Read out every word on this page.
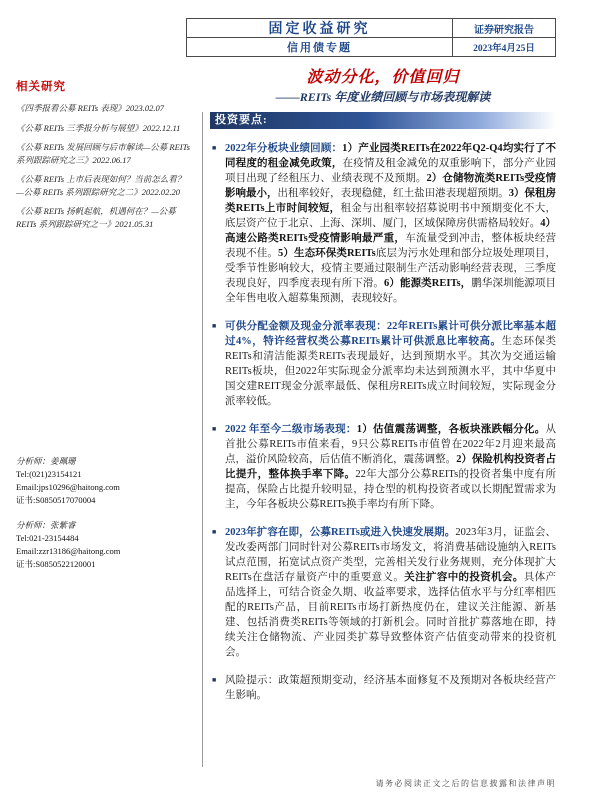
固定收益研究	证券研究报告
信用债专题	2023年4月25日
波动分化，价值回归
——REITs 年度业绩回顾与市场表现解读
相关研究
《四季报看公募 REITs 表现》2023.02.07
《公募 REITs 三季报分析与展望》2022.12.11
《公募 REITs 发展回顾与后市解读—公募 REITs 系列跟踪研究之三》2022.06.17
《公募 REITs 上市后表现如何？当前怎么看？—公募 REITs 系列跟踪研究之二》2022.02.20
《公募 REITs 扬帆起航，机遇何在？—公募 REITs 系列跟踪研究之一》2021.05.31
分析师：姜珮珊
Tel:(021)23154121
Email:jps10296@haitong.com
证书:S0850517070004
分析师：张紫睿
Tel:021-23154484
Email:zzr13186@haitong.com
证书:S0850522120001
投资要点:
■ 2022年分板块业绩回顾：1）产业园类REITs在2022年Q2-Q4均实行了不同程度的租金减免政策，在疫情及租金减免的双重影响下，部分产业园项目出现了经租压力、业绩表现不及预期。2）仓储物流类REITs受疫情影响最小，出租率较好，表现稳健，红土盐田港表现超预期。3）保租房类REITs上市时间较短，租金与出租率较招募说明书中预期变化不大，底层资产位于北京、上海、深圳、厦门，区域保障房供需格局较好。4）高速公路类REITs受疫情影响最严重，车流量受到冲击，整体板块经营表现不佳。5）生态环保类REITs底层为污水处理和部分垃圾处理项目，受季节性影响较大，疫情主要通过限制生产活动影响经营表现，三季度表现良好，四季度表现有所下滑。6）能源类REITs，鹏华深圳能源项目全年售电收入超募集预测，表现较好。
■ 可供分配金额及现金分派率表现：22年REITs累计可供分派比率基本超过4%，特许经营权类公募REITs累计可供派息比率较高。生态环保类REITs和清洁能源类REITs表现最好，达到预期水平。其次为交通运输REITs板块，但2022年实际现金分派率均未达到预测水平，其中华夏中国交建REIT现金分派率最低、保租房REITs成立时间较短，实际现金分派率较低。
■ 2022 年至今二级市场表现：1）估值震荡调整，各板块涨跌幅分化。从首批公募REITs市值来看，9只公募REITs市值曾在2022年2月迎来最高点，溢价风险较高，后估值不断消化，震荡调整。2）保险机构投资者占比提升，整体换手率下降。22年大部分公募REITs的投资者集中度有所提高，保险占比提升较明显，持仓型的机构投资者或以长期配置需求为主，今年各板块公募REITs换手率均有所下降。
■ 2023年扩容在即，公募REITs或进入快速发展期。2023年3月，证监会、发改委两部门同时针对公募REITs市场发文，将消费基础设施纳入REITs试点范围，拓宽试点资产类型，完善相关发行业务规则，充分体现扩大REITs在盘活存量资产中的重要意义。关注扩容中的投资机会。具体产品选择上，可结合资金久期、收益率要求，选择估值水平与分红率相匹配的REITs产品，目前REITs市场打新热度仍在，建议关注能源、新基建、包括消费类REITs等领域的打新机会。同时首批扩募落地在即，持续关注仓储物流、产业园类扩募导致整体资产估值变动带来的投资机会。
■ 风险提示：政策超预期变动，经济基本面修复不及预期对各板块经营产生影响。
请务必阅读正文之后的信息披露和法律声明
